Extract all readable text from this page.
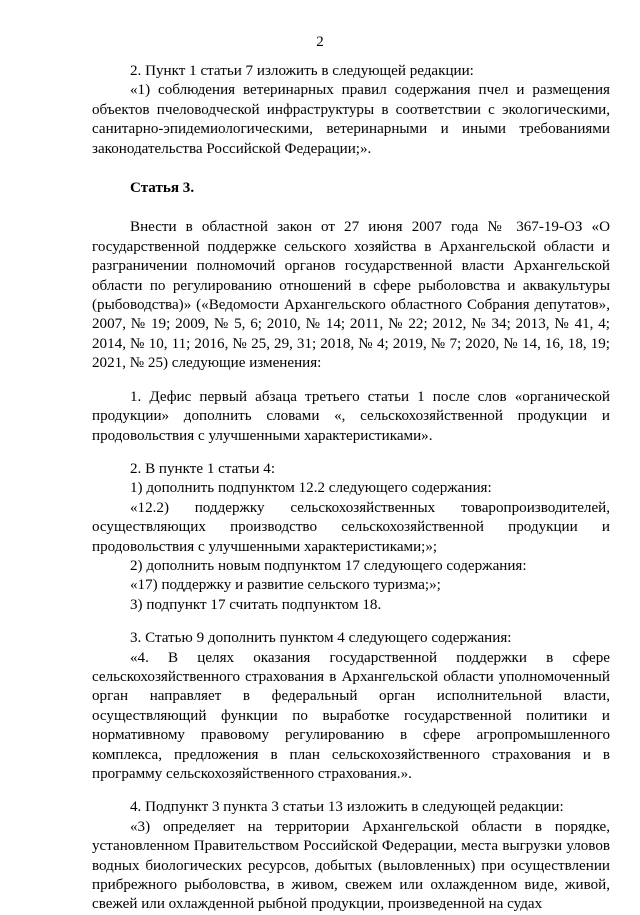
2

2. Пункт 1 статьи 7 изложить в следующей редакции:

«1) соблюдения ветеринарных правил содержания пчел и размещения объектов пчеловодческой инфраструктуры в соответствии с экологическими, санитарно-эпидемиологическими, ветеринарными и иными требованиями законодательства Российской Федерации;».

Статья 3.

Внести в областной закон от 27 июня 2007 года № 367-19-ОЗ «О государственной поддержке сельского хозяйства в Архангельской области и разграничении полномочий органов государственной власти Архангельской области по регулированию отношений в сфере рыболовства и аквакультуры (рыбоводства)» («Ведомости Архангельского областного Собрания депутатов», 2007, № 19; 2009, № 5, 6; 2010, № 14; 2011, № 22; 2012, № 34; 2013, № 41, 4; 2014, № 10, 11; 2016, № 25, 29, 31; 2018, № 4; 2019, № 7; 2020, № 14, 16, 18, 19; 2021, № 25) следующие изменения:

1. Дефис первый абзаца третьего статьи 1 после слов «органической продукции» дополнить словами «, сельскохозяйственной продукции и продовольствия с улучшенными характеристиками».

2. В пункте 1 статьи 4:

1) дополнить подпунктом 12.2 следующего содержания:

«12.2) поддержку сельскохозяйственных товаропроизводителей, осуществляющих производство сельскохозяйственной продукции и продовольствия с улучшенными характеристиками;»;

2) дополнить новым подпунктом 17 следующего содержания:

«17) поддержку и развитие сельского туризма;»;

3) подпункт 17 считать подпунктом 18.

3. Статью 9 дополнить пунктом 4 следующего содержания:

«4. В целях оказания государственной поддержки в сфере сельскохозяйственного страхования в Архангельской области уполномоченный орган направляет в федеральный орган исполнительной власти, осуществляющий функции по выработке государственной политики и нормативному правовому регулированию в сфере агропромышленного комплекса, предложения в план сельскохозяйственного страхования и в программу сельскохозяйственного страхования.».

4. Подпункт 3 пункта 3 статьи 13 изложить в следующей редакции:

«3) определяет на территории Архангельской области в порядке, установленном Правительством Российской Федерации, места выгрузки уловов водных биологических ресурсов, добытых (выловленных) при осуществлении прибрежного рыболовства, в живом, свежем или охлажденном виде, живой, свежей или охлажденной рыбной продукции, произведенной на судах
